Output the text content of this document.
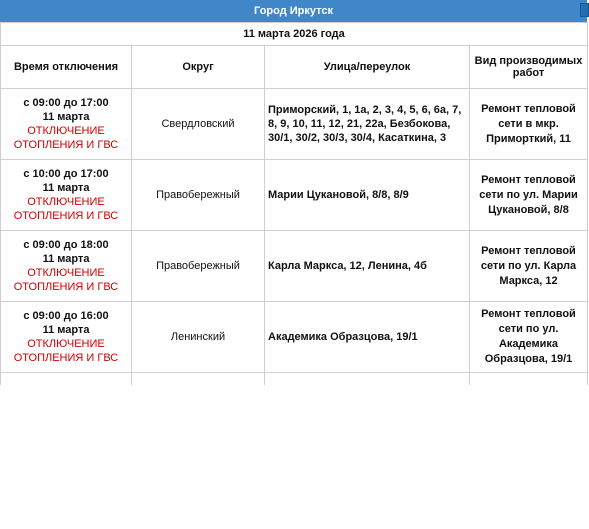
Город Иркутск
11 марта 2026 года			
Время отключения	Округ	Улица/переулок	Вид производимых работ

с 09:00 до 17:00
11 марта
ОТКЛЮЧЕНИЕ
ОТОПЛЕНИЯ И ГВС	Свердловский	Приморский, 1, 1а, 2, 3, 4, 5, 6, 6а, 7, 8, 9, 10, 11, 12, 21, 22а, Безбокова, 30/1, 30/2, 30/3, 30/4, Касаткина, 3	Ремонт тепловой сети в мкр. Приморткий, 11

с 10:00 до 17:00
11 марта
ОТКЛЮЧЕНИЕ
ОТОПЛЕНИЯ И ГВС	Правобережный	Марии Цукановой, 8/8, 8/9	Ремонт тепловой сети по ул. Марии Цукановой, 8/8

с 09:00 до 18:00
11 марта
ОТКЛЮЧЕНИЕ
ОТОПЛЕНИЯ И ГВС	Правобережный	Карла Маркса, 12, Ленина, 4б	Ремонт тепловой сети по ул. Карла Маркса, 12

с 09:00 до 16:00
11 марта
ОТКЛЮЧЕНИЕ
ОТОПЛЕНИЯ И ГВС	Ленинский	Академика Образцова, 19/1	Ремонт тепловой сети по ул. Академика Образцова, 19/1
